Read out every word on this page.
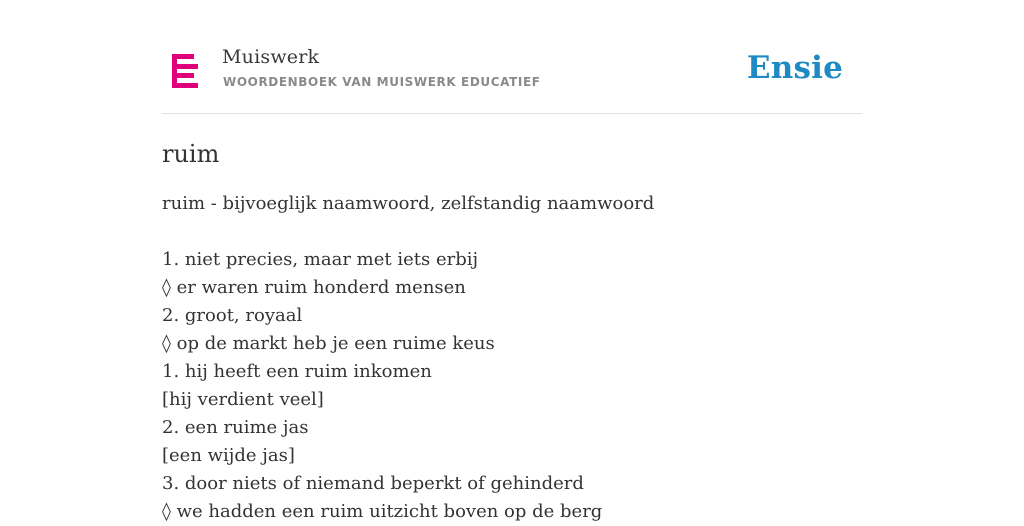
Muiswerk
WOORDENBOEK VAN MUISWERK EDUCATIEF	Ensie
ruim
ruim - bijvoeglijk naamwoord, zelfstandig naamwoord
1. niet precies, maar met iets erbij
◊ er waren ruim honderd mensen
2. groot, royaal
◊ op de markt heb je een ruime keus
1. hij heeft een ruim inkomen
[hij verdient veel]
2. een ruime jas
[een wijde jas]
3. door niets of niemand beperkt of gehinderd
◊ we hadden een ruim uitzicht boven op de berg
